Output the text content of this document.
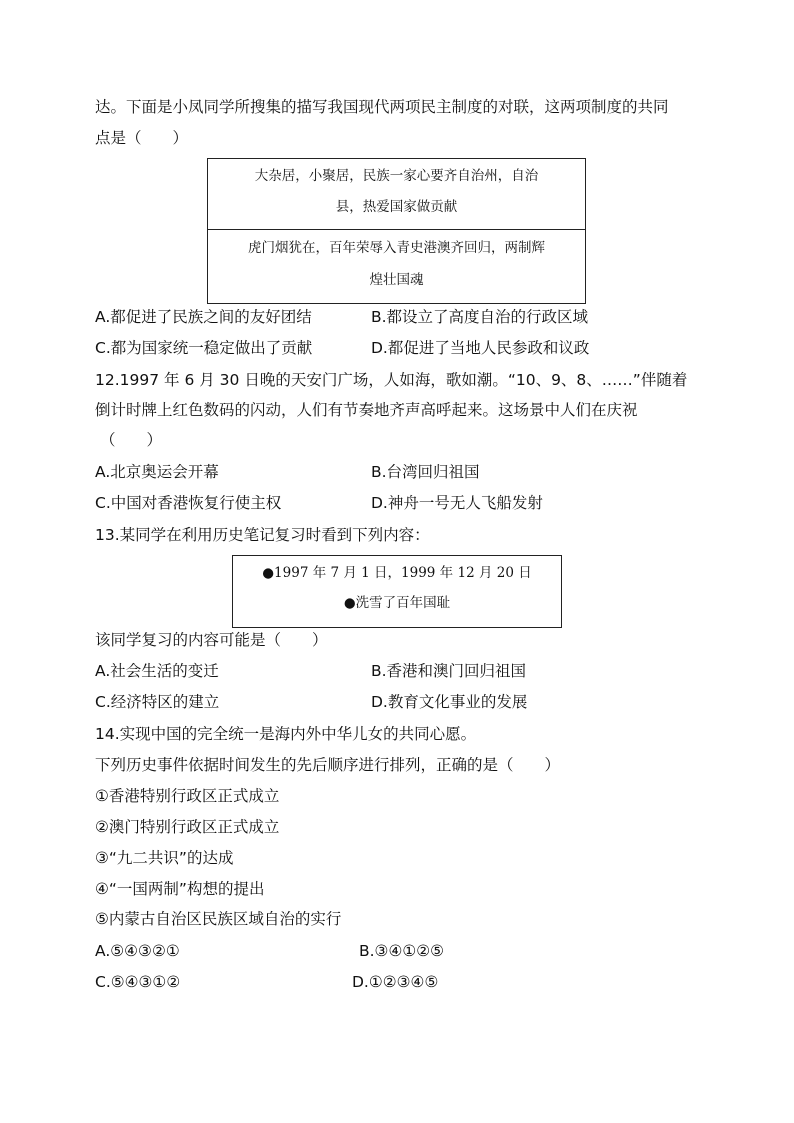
达。下面是小凤同学所搜集的描写我国现代两项民主制度的对联，这两项制度的共同
点是（　　）
大杂居，小聚居，民族一家心要齐自治州，自治
县，热爱国家做贡献
虎门烟犹在，百年荣辱入青史港澳齐回归，两制辉
煌壮国魂
A.都促进了民族之间的友好团结	B.都设立了高度自治的行政区域
C.都为国家统一稳定做出了贡献	D.都促进了当地人民参政和议政
12.1997 年 6 月 30 日晚的天安门广场，人如海，歌如潮。“10、9、8、……”伴随着
倒计时牌上红色数码的闪动，人们有节奏地齐声高呼起来。这场景中人们在庆祝
（　　）
A.北京奥运会开幕	B.台湾回归祖国
C.中国对香港恢复行使主权	D.神舟一号无人飞船发射
13.某同学在利用历史笔记复习时看到下列内容：
●1997 年 7 月 1 日，1999 年 12 月 20 日
●洗雪了百年国耻
该同学复习的内容可能是（　　）
A.社会生活的变迁	B.香港和澳门回归祖国
C.经济特区的建立	D.教育文化事业的发展
14.实现中国的完全统一是海内外中华儿女的共同心愿。
下列历史事件依据时间发生的先后顺序进行排列，正确的是（　　）
①香港特别行政区正式成立
②澳门特别行政区正式成立
③“九二共识”的达成
④“一国两制”构想的提出
⑤内蒙古自治区民族区域自治的实行
A.⑤④③②①	B.③④①②⑤
C.⑤④③①②	D.①②③④⑤
